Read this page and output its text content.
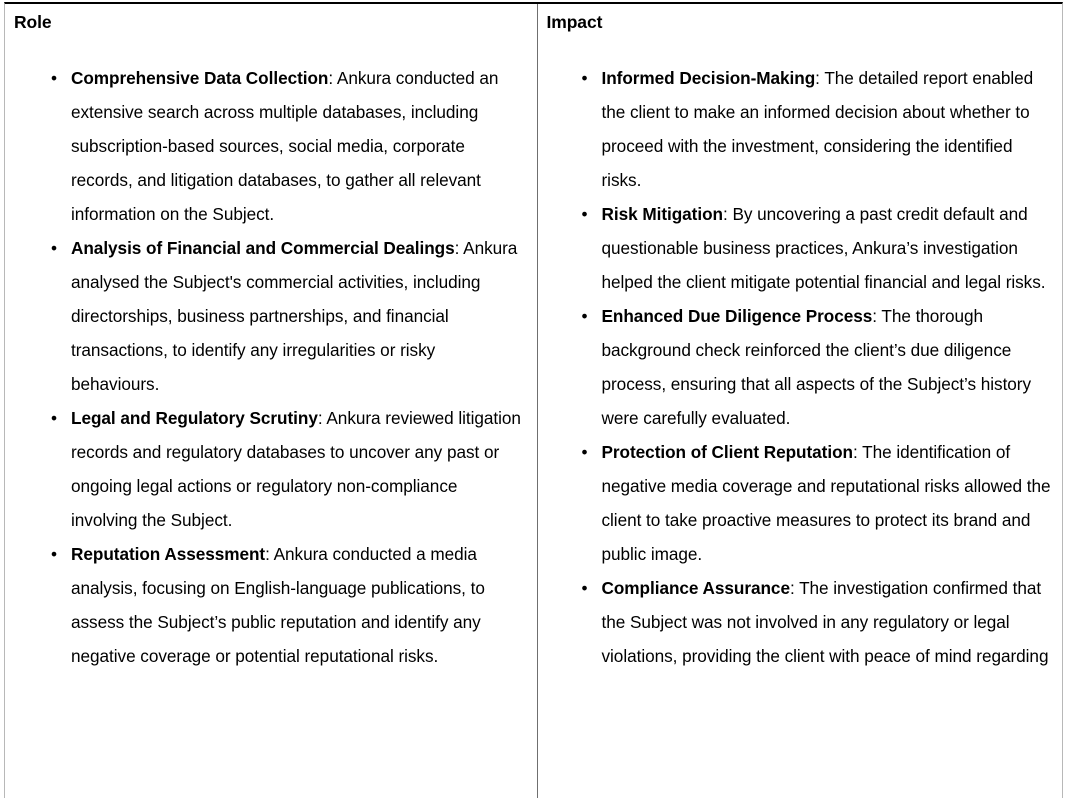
Role
• Comprehensive Data Collection: Ankura conducted an extensive search across multiple databases, including subscription-based sources, social media, corporate records, and litigation databases, to gather all relevant information on the Subject.
• Analysis of Financial and Commercial Dealings: Ankura analysed the Subject's commercial activities, including directorships, business partnerships, and financial transactions, to identify any irregularities or risky behaviours.
• Legal and Regulatory Scrutiny: Ankura reviewed litigation records and regulatory databases to uncover any past or ongoing legal actions or regulatory non-compliance involving the Subject.
• Reputation Assessment: Ankura conducted a media analysis, focusing on English-language publications, to assess the Subject’s public reputation and identify any negative coverage or potential reputational risks.
Impact
• Informed Decision-Making: The detailed report enabled the client to make an informed decision about whether to proceed with the investment, considering the identified risks.
• Risk Mitigation: By uncovering a past credit default and questionable business practices, Ankura’s investigation helped the client mitigate potential financial and legal risks.
• Enhanced Due Diligence Process: The thorough background check reinforced the client’s due diligence process, ensuring that all aspects of the Subject’s history were carefully evaluated.
• Protection of Client Reputation: The identification of negative media coverage and reputational risks allowed the client to take proactive measures to protect its brand and public image.
• Compliance Assurance: The investigation confirmed that the Subject was not involved in any regulatory or legal violations, providing the client with peace of mind regarding
